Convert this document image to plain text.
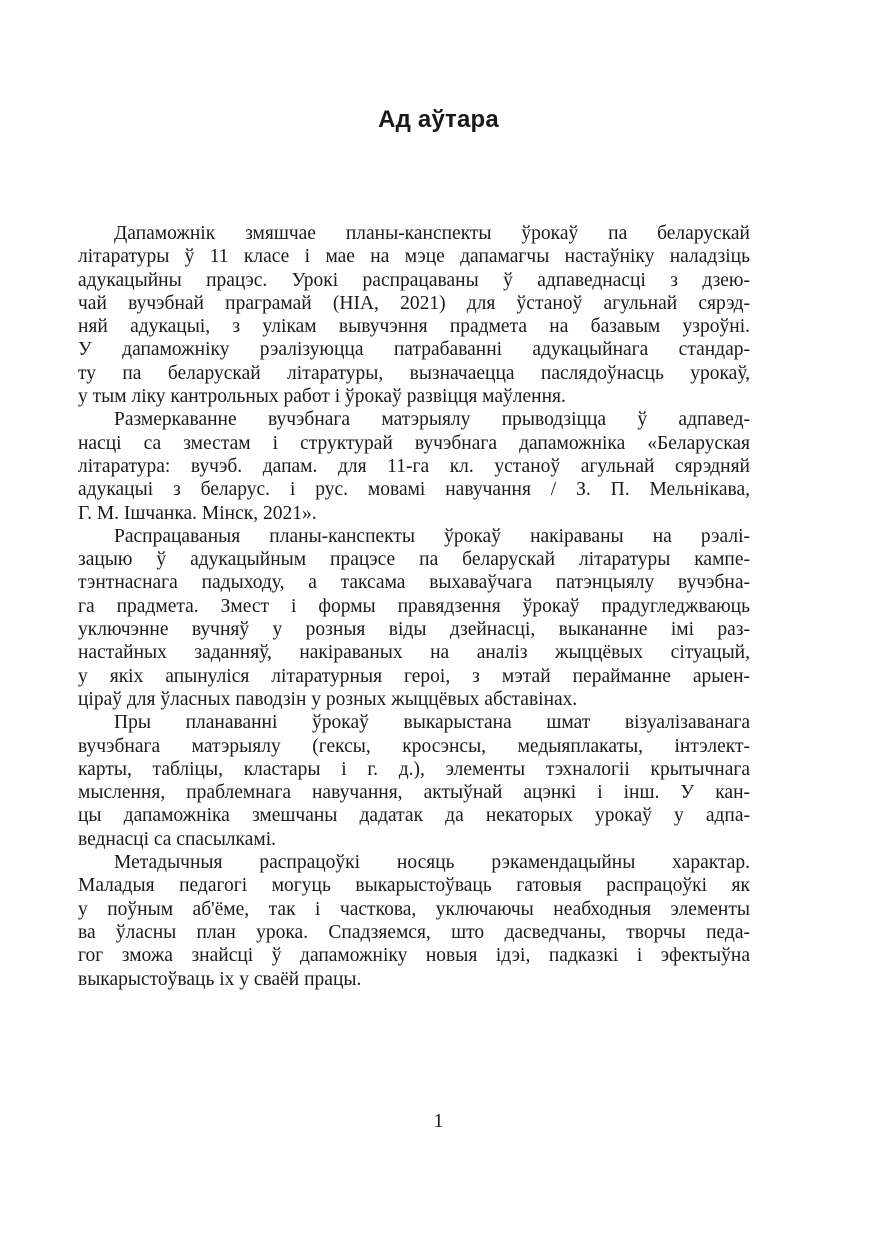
Ад аўтара
Дапаможнік змяшчае планы-канспекты ўрокаў па беларускай
літаратуры ў 11 класе і мае на мэце дапамагчы настаўніку наладзіць
адукацыйны працэс. Урокі распрацаваны ў адпаведнасці з дзею-
чай вучэбнай праграмай (НІА, 2021) для ўстаноў агульнай сярэд-
няй адукацыі, з улікам вывучэння прадмета на базавым узроўні.
У дапаможніку рэалізуюцца патрабаванні адукацыйнага стандар-
ту па беларускай літаратуры, вызначаецца паслядоўнасць урокаў,
у тым ліку кантрольных работ і ўрокаў развіцця маўлення.
Размеркаванне вучэбнага матэрыялу прыводзіцца ў адпавед-
насці са зместам і структурай вучэбнага дапаможніка «Беларуская
літаратура: вучэб. дапам. для 11-га кл. устаноў агульнай сярэдняй
адукацыі з беларус. і рус. мовамі навучання / З. П. Мельнікава,
Г. М. Ішчанка. Мінск, 2021».
Распрацаваныя планы-канспекты ўрокаў накіраваны на рэалі-
зацыю ў адукацыйным працэсе па беларускай літаратуры кампе-
тэнтнаснага падыходу, а таксама выхаваўчага патэнцыялу вучэбна-
га прадмета. Змест і формы правядзення ўрокаў прадугледжваюць
уключэнне вучняў у розныя віды дзейнасці, выкананне імі раз-
настайных заданняў, накіраваных на аналіз жыццёвых сітуацый,
у якіх апынуліся літаратурныя героі, з мэтай перайманне арыен-
ціраў для ўласных паводзін у розных жыццёвых абставінах.
Пры планаванні ўрокаў выкарыстана шмат візуалізаванага
вучэбнага матэрыялу (гексы, кросэнсы, медыяплакаты, інтэлект-
карты, табліцы, кластары і г. д.), элементы тэхналогіі крытычнага
мыслення, праблемнага навучання, актыўнай ацэнкі і інш. У кан-
цы дапаможніка змешчаны дадатак да некаторых урокаў у адпа-
веднасці са спасылкамі.
Метадычныя распрацоўкі носяць рэкамендацыйны характар.
Маладыя педагогі могуць выкарыстоўваць гатовыя распрацоўкі як
у поўным аб'ёме, так і часткова, уключаючы неабходныя элементы
ва ўласны план урока. Спадзяемся, што дасведчаны, творчы педа-
гог зможа знайсці ў дапаможніку новыя ідэі, падказкі і эфектыўна
выкарыстоўваць іх у сваёй працы.
1
